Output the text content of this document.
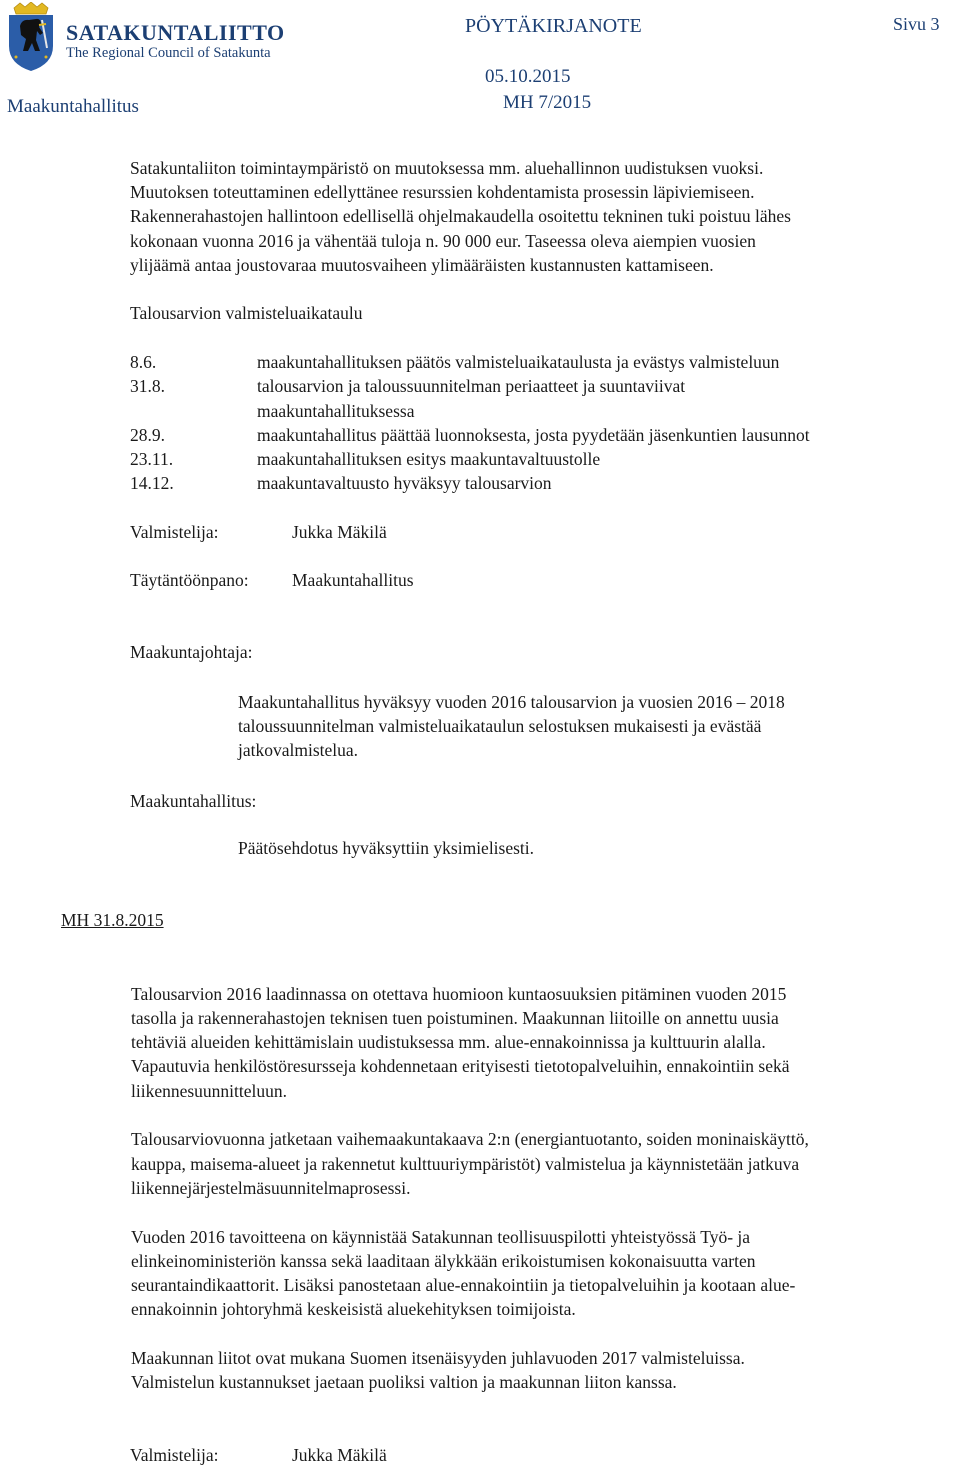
SATAKUNTALIITTO
The Regional Council of Satakunta
PÖYTÄKIRJANOTE	Sivu 3
05.10.2015
Maakuntahallitus	MH 7/2015
Satakuntaliiton toimintaympäristö on muutoksessa mm. aluehallinnon uudistuksen vuoksi.
Muutoksen toteuttaminen edellyttänee resurssien kohdentamista prosessin läpiviemiseen.
Rakennerahastojen hallintoon edellisellä ohjelmakaudella osoitettu tekninen tuki poistuu lähes
kokonaan vuonna 2016 ja vähentää tuloja n. 90 000 eur. Taseessa oleva aiempien vuosien
ylijäämä antaa joustovaraa muutosvaiheen ylimääräisten kustannusten kattamiseen.
Talousarvion valmisteluaikataulu
8.6.	maakuntahallituksen päätös valmisteluaikataulusta ja evästys valmisteluun
31.8.	talousarvion ja taloussuunnitelman periaatteet ja suuntaviivat
maakuntahallituksessa
28.9.	maakuntahallitus päättää luonnoksesta, josta pyydetään jäsenkuntien lausunnot
23.11.	maakuntahallituksen esitys maakuntavaltuustolle
14.12.	maakuntavaltuusto hyväksyy talousarvion
Valmistelija:	Jukka Mäkilä
Täytäntöönpano: Maakuntahallitus
Maakuntajohtaja:
Maakuntahallitus hyväksyy vuoden 2016 talousarvion ja vuosien 2016 – 2018
taloussuunnitelman valmisteluaikataulun selostuksen mukaisesti ja evästää
jatkovalmistelua.
Maakuntahallitus:
Päätösehdotus hyväksyttiin yksimielisesti.
MH 31.8.2015
Talousarvion 2016 laadinnassa on otettava huomioon kuntaosuuksien pitäminen vuoden 2015
tasolla ja rakennerahastojen teknisen tuen poistuminen. Maakunnan liitoille on annettu uusia
tehtäviä alueiden kehittämislain uudistuksessa mm. alue-ennakoinnissa ja kulttuurin alalla.
Vapautuvia henkilöstöresursseja kohdennetaan erityisesti tietotopalveluihin, ennakointiin sekä
liikennesuunnitteluun.
Talousarviovuonna jatketaan vaihemaakuntakaava 2:n (energiantuotanto, soiden moninaiskäyttö,
kauppa, maisema-alueet ja rakennetut kulttuuriympäristöt) valmistelua ja käynnistetään jatkuva
liikennejärjestelmäsuunnitelmaprosessi.
Vuoden 2016 tavoitteena on käynnistää Satakunnan teollisuuspilotti yhteistyössä Työ- ja
elinkeinoministeriön kanssa sekä laaditaan älykkään erikoistumisen kokonaisuutta varten
seurantaindikaattorit. Lisäksi panostetaan alue-ennakointiin ja tietopalveluihin ja kootaan alue-
ennakoinnin johtoryhmä keskeisistä aluekehityksen toimijoista.
Maakunnan liitot ovat mukana Suomen itsenäisyyden juhlavuoden 2017 valmisteluissa.
Valmistelun kustannukset jaetaan puoliksi valtion ja maakunnan liiton kanssa.
Valmistelija:	Jukka Mäkilä
